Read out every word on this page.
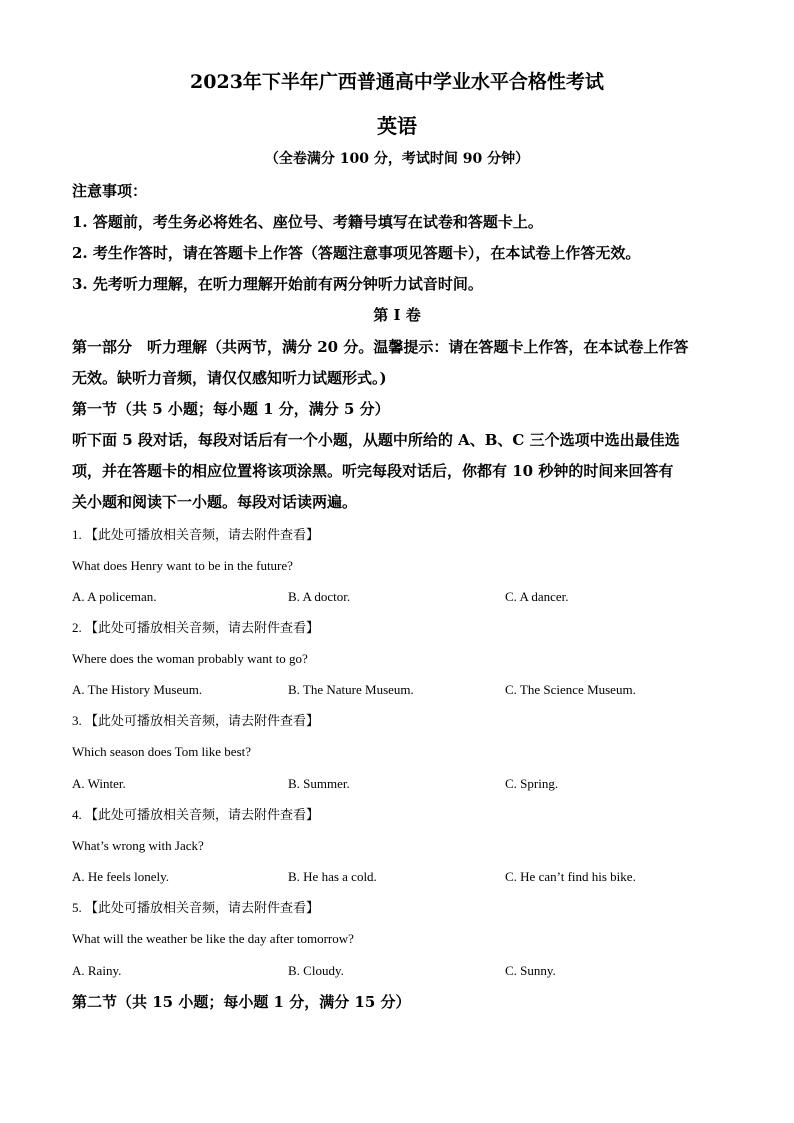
2023年下半年广西普通高中学业水平合格性考试
英语
（全卷满分 100 分，考试时间 90 分钟）
注意事项：
1. 答题前，考生务必将姓名、座位号、考籍号填写在试卷和答题卡上。
2. 考生作答时，请在答题卡上作答（答题注意事项见答题卡），在本试卷上作答无效。
3. 先考听力理解，在听力理解开始前有两分钟听力试音时间。
第 I 卷
第一部分　听力理解（共两节，满分 20 分。温馨提示：请在答题卡上作答，在本试卷上作答
无效。缺听力音频，请仅仅感知听力试题形式。)
第一节（共 5 小题；每小题 1 分，满分 5 分）
听下面 5 段对话，每段对话后有一个小题，从题中所给的 A、B、C 三个选项中选出最佳选
项，并在答题卡的相应位置将该项涂黑。听完每段对话后，你都有 10 秒钟的时间来回答有
关小题和阅读下一小题。每段对话读两遍。
1. 【此处可播放相关音频，请去附件查看】
What does Henry want to be in the future?
A. A policeman.	B. A doctor.	C. A dancer.
2. 【此处可播放相关音频，请去附件查看】
Where does the woman probably want to go?
A. The History Museum.	B. The Nature Museum.	C. The Science Museum.
3. 【此处可播放相关音频，请去附件查看】
Which season does Tom like best?
A. Winter.	B. Summer.	C. Spring.
4. 【此处可播放相关音频，请去附件查看】
What’s wrong with Jack?
A. He feels lonely.	B. He has a cold.	C. He can’t find his bike.
5. 【此处可播放相关音频，请去附件查看】
What will the weather be like the day after tomorrow?
A. Rainy.	B. Cloudy.	C. Sunny.
第二节（共 15 小题；每小题 1 分，满分 15 分）
